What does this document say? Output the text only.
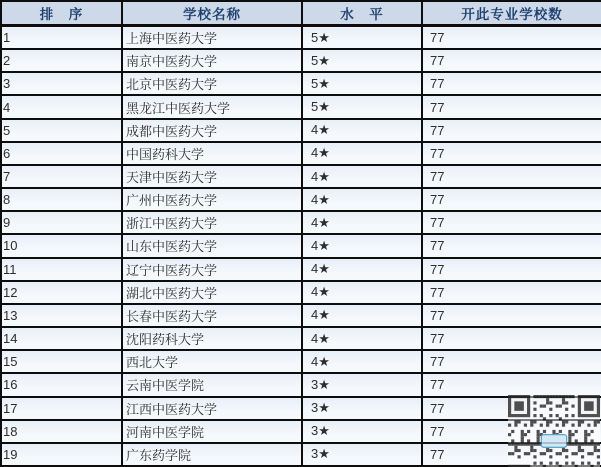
排　序	学校名称	水　平	开此专业学校数
1	上海中医药大学	5★	77
2	南京中医药大学	5★	77
3	北京中医药大学	5★	77
4	黑龙江中医药大学	5★	77
5	成都中医药大学	4★	77
6	中国药科大学	4★	77
7	天津中医药大学	4★	77
8	广州中医药大学	4★	77
9	浙江中医药大学	4★	77
10	山东中医药大学	4★	77
11	辽宁中医药大学	4★	77
12	湖北中医药大学	4★	77
13	长春中医药大学	4★	77
14	沈阳药科大学	4★	77
15	西北大学	4★	77
16	云南中医学院	3★	77
17	江西中医药大学	3★	77
18	河南中医学院	3★	77
19	广东药学院	3★	77
